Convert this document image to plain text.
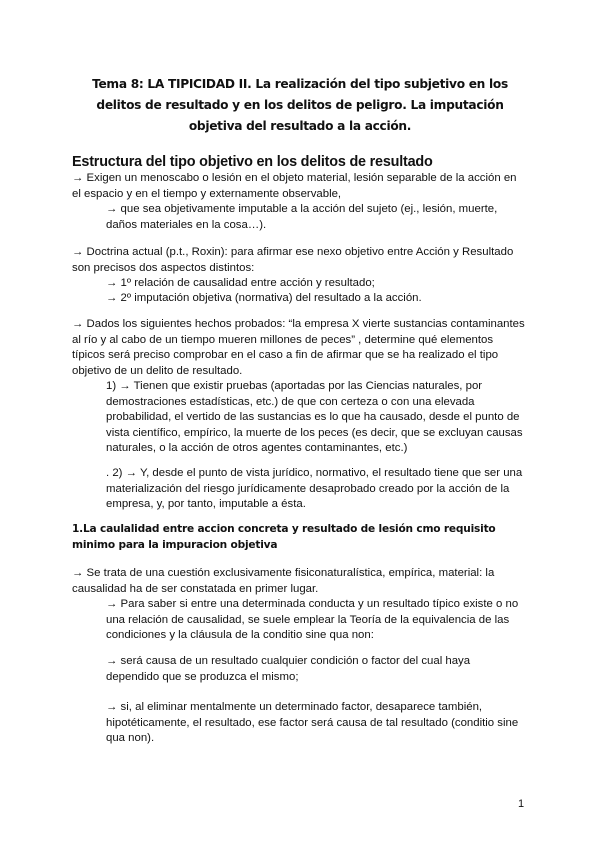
Tema 8: LA TIPICIDAD II. La realización del tipo subjetivo en los delitos de resultado y en los delitos de peligro. La imputación objetiva del resultado a la acción.
Estructura del tipo objetivo en los delitos de resultado

→ Exigen un menoscabo o lesión en el objeto material, lesión separable de la acción en el espacio y en el tiempo y externamente observable,

→ que sea objetivamente imputable a la acción del sujeto (ej., lesión, muerte, daños materiales en la cosa…).

→ Doctrina actual (p.t., Roxin): para afirmar ese nexo objetivo entre Acción y Resultado son precisos dos aspectos distintos:

→ 1º relación de causalidad entre acción y resultado;

→ 2º imputación objetiva (normativa) del resultado a la acción.

→ Dados los siguientes hechos probados: “la empresa X vierte sustancias contaminantes al río y al cabo de un tiempo mueren millones de peces” , determine qué elementos típicos será preciso comprobar en el caso a fin de afirmar que se ha realizado el tipo objetivo de un delito de resultado.

1) → Tienen que existir pruebas (aportadas por las Ciencias naturales, por demostraciones estadísticas, etc.) de que con certeza o con una elevada probabilidad, el vertido de las sustancias es lo que ha causado, desde el punto de vista científico, empírico, la muerte de los peces (es decir, que se excluyan causas naturales, o la acción de otros agentes contaminantes, etc.)

. 2) → Y, desde el punto de vista jurídico, normativo, el resultado tiene que ser una materialización del riesgo jurídicamente desaprobado creado por la acción de la empresa, y, por tanto, imputable a ésta.

1.La caulalidad entre accion concreta y resultado de lesión cmo requisito minimo para la impuracion objetiva

→ Se trata de una cuestión exclusivamente fisiconaturalística, empírica, material: la causalidad ha de ser constatada en primer lugar.

→ Para saber si entre una determinada conducta y un resultado típico existe o no una relación de causalidad, se suele emplear la Teoría de la equivalencia de las condiciones y la cláusula de la conditio sine qua non:

→ será causa de un resultado cualquier condición o factor del cual haya dependido que se produzca el mismo;

→ si, al eliminar mentalmente un determinado factor, desaparece también, hipotéticamente, el resultado, ese factor será causa de tal resultado (conditio sine qua non).

1
